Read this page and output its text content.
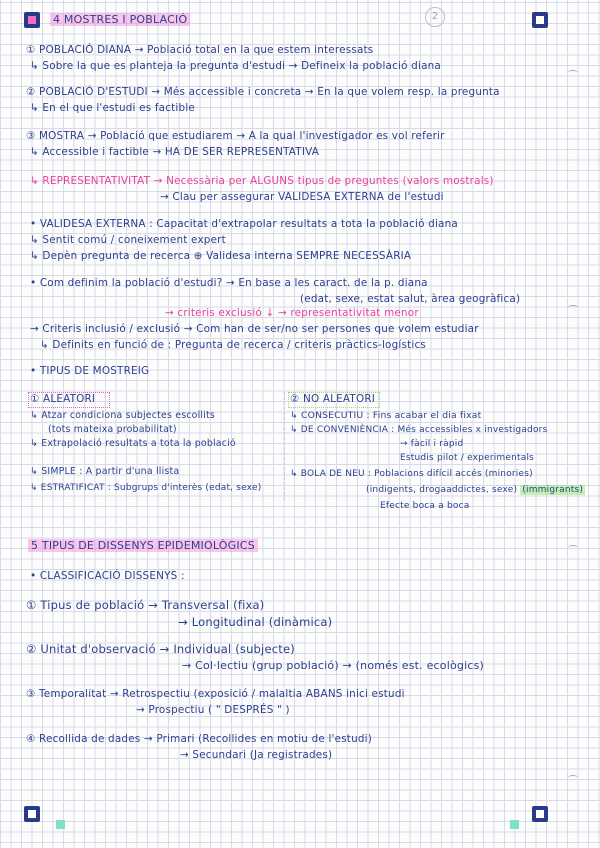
2
4 MOSTRES I POBLACIÓ
① POBLACIÓ DIANA → Població total en la que estem interessats
↳ Sobre la que es planteja la pregunta d'estudi → Defineix la població diana
② POBLACIÓ D'ESTUDI → Més accessible i concreta → En la que volem resp. la pregunta
↳ En el que l'estudi es factible
③ MOSTRA → Població que estudiarem → A la qual l'investigador es vol referir
↳ Accessible i factible → HA DE SER REPRESENTATIVA
↳ REPRESENTATIVITAT → Necessària per ALGUNS tipus de preguntes (valors mostrals)
→ Clau per assegurar VALIDESA EXTERNA de l'estudi
• VALIDESA EXTERNA : Capacitat d'extrapolar resultats a tota la població diana
↳ Sentit comú / coneixement expert
↳ Depèn pregunta de recerca ⊕ Validesa interna SEMPRE NECESSÀRIA
• Com definim la població d'estudi? → En base a les caract. de la p. diana
(edat, sexe, estat salut, àrea geogràfica)
→ criteris exclusió ↓ → representativitat menor
→ Criteris inclusió / exclusió → Com han de ser/no ser persones que volem estudiar
↳ Definits en funció de : Pregunta de recerca / criteris pràctics-logístics
• TIPUS DE MOSTREIG
① ALEATORI
↳ Atzar condiciona subjectes escollits
(tots mateixa probabilitat)
↳ Extrapolació resultats a tota la població
↳ SIMPLE : A partir d'una llista
↳ ESTRATIFICAT : Subgrups d'interès (edat, sexe)
② NO ALEATORI
↳ CONSECUTIU : Fins acabar el dia fixat
↳ DE CONVENIÈNCIA : Més accessibles x investigadors
→ fàcil i ràpid
Estudis pilot / experimentals
↳ BOLA DE NEU : Poblacions difícil accés (minories)
(indigents, drogaaddictes, sexe) (immigrants)
Efecte boca a boca
5 TIPUS DE DISSENYS EPIDEMIOLÒGICS
• CLASSIFICACIÓ DISSENYS :
① Tipus de població → Transversal (fixa)
→ Longitudinal (dinàmica)
② Unitat d'observació → Individual (subjecte)
→ Col·lectiu (grup població) → (només est. ecològics)
③ Temporalitat → Retrospectiu (exposició / malaltia ABANS inici estudi
→ Prospectiu ( " DESPRÉS " )
④ Recollida de dades → Primari (Recollides en motiu de l'estudi)
→ Secundari (Ja registrades)
